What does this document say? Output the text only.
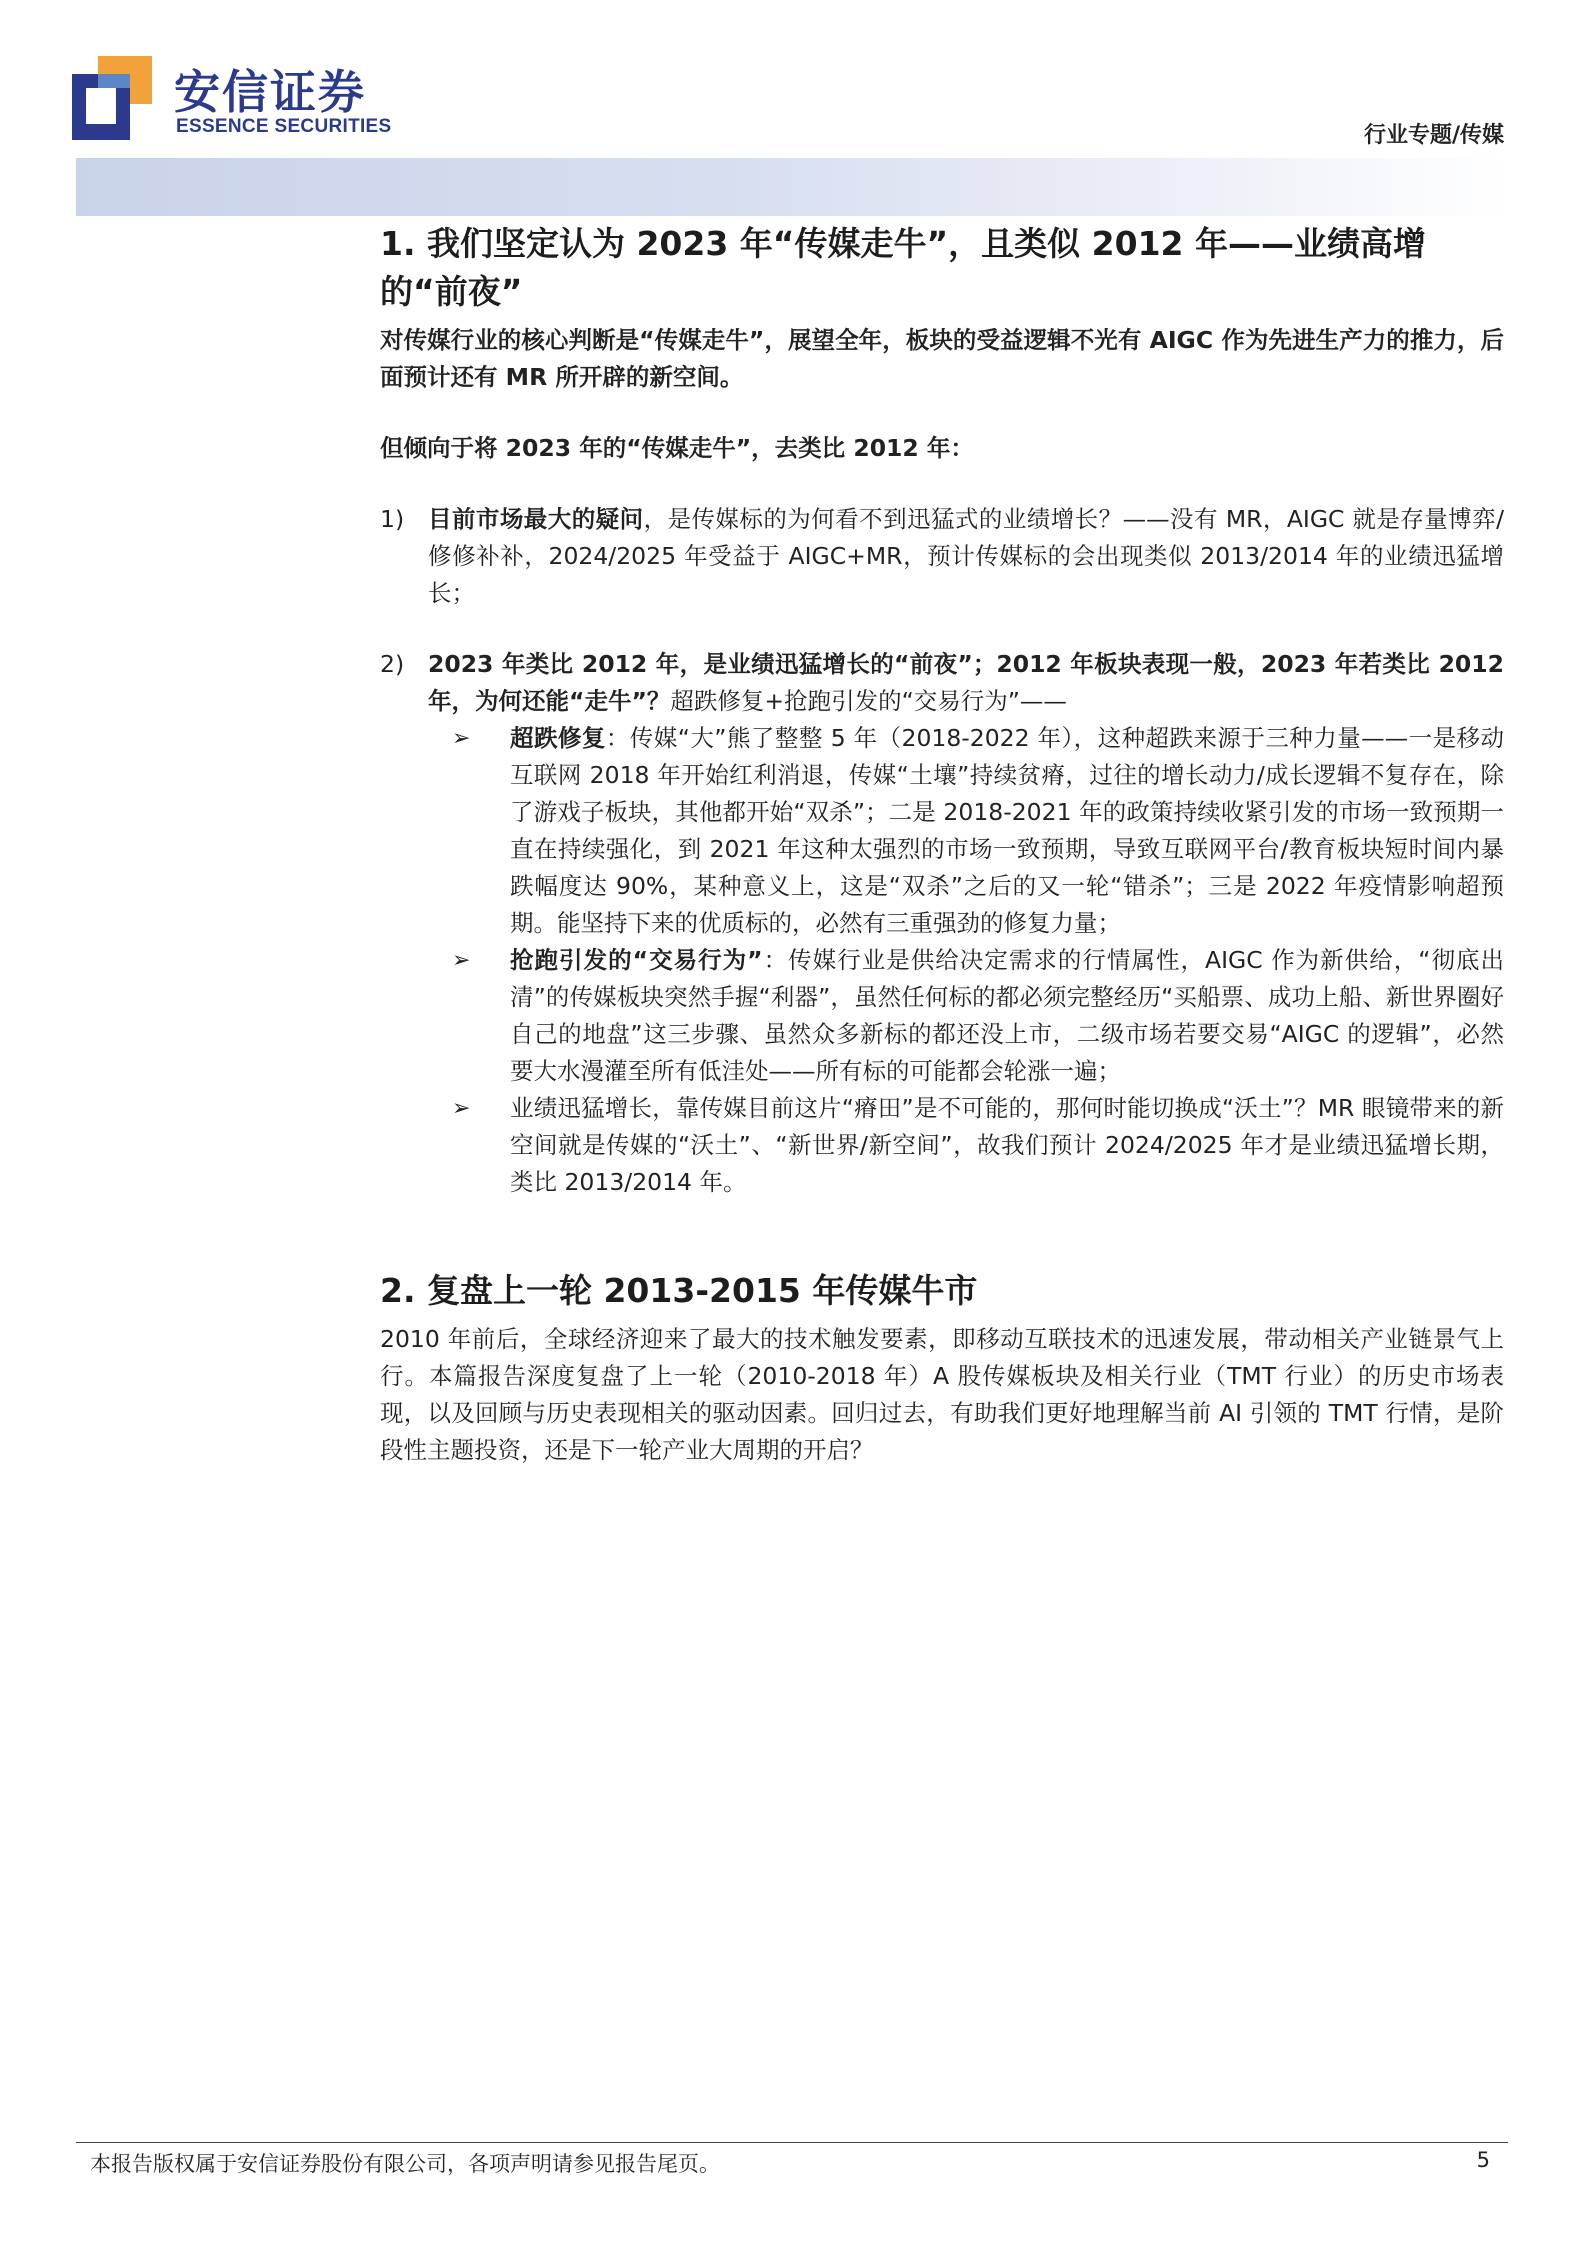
安信证券
ESSENCE SECURITIES	行业专题/传媒
1. 我们坚定认为 2023 年“传媒走牛”，且类似 2012 年——业绩高增的“前夜”

对传媒行业的核心判断是“传媒走牛”，展望全年，板块的受益逻辑不光有 AIGC 作为先进生产力的推力，后面预计还有 MR 所开辟的新空间。

但倾向于将 2023 年的“传媒走牛”，去类比 2012 年：

1)	目前市场最大的疑问，是传媒标的为何看不到迅猛式的业绩增长？——没有 MR，AIGC 就是存量博弈/修修补补，2024/2025 年受益于 AIGC+MR，预计传媒标的会出现类似 2013/2014 年的业绩迅猛增长；
2)	2023 年类比 2012 年，是业绩迅猛增长的“前夜”；2012 年板块表现一般，2023 年若类比 2012 年，为何还能“走牛”？超跌修复+抢跑引发的“交易行为”——
➢	超跌修复：传媒“大”熊了整整 5 年（2018-2022 年），这种超跌来源于三种力量——一是移动互联网 2018 年开始红利消退，传媒“土壤”持续贫瘠，过往的增长动力/成长逻辑不复存在，除了游戏子板块，其他都开始“双杀”；二是 2018-2021 年的政策持续收紧引发的市场一致预期一直在持续强化，到 2021 年这种太强烈的市场一致预期，导致互联网平台/教育板块短时间内暴跌幅度达 90%，某种意义上，这是“双杀”之后的又一轮“错杀”；三是 2022 年疫情影响超预期。能坚持下来的优质标的，必然有三重强劲的修复力量；
➢	抢跑引发的“交易行为”：传媒行业是供给决定需求的行情属性，AIGC 作为新供给，“彻底出清”的传媒板块突然手握“利器”，虽然任何标的都必须完整经历“买船票、成功上船、新世界圈好自己的地盘”这三步骤、虽然众多新标的都还没上市，二级市场若要交易“AIGC 的逻辑”，必然要大水漫灌至所有低洼处——所有标的可能都会轮涨一遍；
➢	业绩迅猛增长，靠传媒目前这片“瘠田”是不可能的，那何时能切换成“沃土”？MR 眼镜带来的新空间就是传媒的“沃土”、“新世界/新空间”，故我们预计 2024/2025 年才是业绩迅猛增长期，类比 2013/2014 年。
2. 复盘上一轮 2013-2015 年传媒牛市

2010 年前后，全球经济迎来了最大的技术触发要素，即移动互联技术的迅速发展，带动相关产业链景气上行。本篇报告深度复盘了上一轮（2010-2018 年）A 股传媒板块及相关行业（TMT 行业）的历史市场表现，以及回顾与历史表现相关的驱动因素。回归过去，有助我们更好地理解当前 AI 引领的 TMT 行情，是阶段性主题投资，还是下一轮产业大周期的开启？

本报告版权属于安信证券股份有限公司，各项声明请参见报告尾页。	5
